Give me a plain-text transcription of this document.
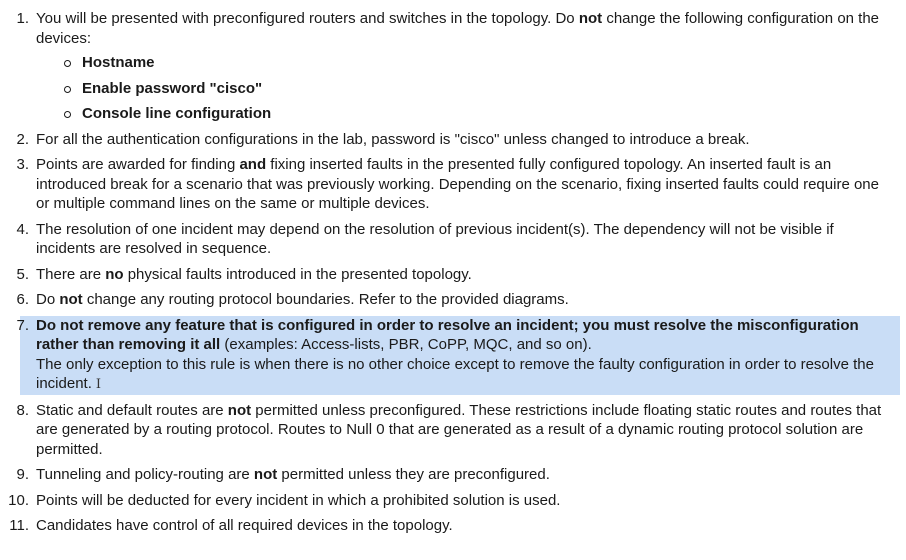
1. You will be presented with preconfigured routers and switches in the topology. Do not change the following configuration on the devices:
Hostname
Enable password "cisco"
Console line configuration
2. For all the authentication configurations in the lab, password is "cisco" unless changed to introduce a break.
3. Points are awarded for finding and fixing inserted faults in the presented fully configured topology. An inserted fault is an introduced break for a scenario that was previously working. Depending on the scenario, fixing inserted faults could require one or multiple command lines on the same or multiple devices.
4. The resolution of one incident may depend on the resolution of previous incident(s). The dependency will not be visible if incidents are resolved in sequence.
5. There are no physical faults introduced in the presented topology.
6. Do not change any routing protocol boundaries. Refer to the provided diagrams.
7. Do not remove any feature that is configured in order to resolve an incident; you must resolve the misconfiguration rather than removing it all (examples: Access-lists, PBR, CoPP, MQC, and so on).
The only exception to this rule is when there is no other choice except to remove the faulty configuration in order to resolve the incident. I
8. Static and default routes are not permitted unless preconfigured. These restrictions include floating static routes and routes that are generated by a routing protocol. Routes to Null 0 that are generated as a result of a dynamic routing protocol solution are permitted.
9. Tunneling and policy-routing are not permitted unless they are preconfigured.
10. Points will be deducted for every incident in which a prohibited solution is used.
11. Candidates have control of all required devices in the topology.
